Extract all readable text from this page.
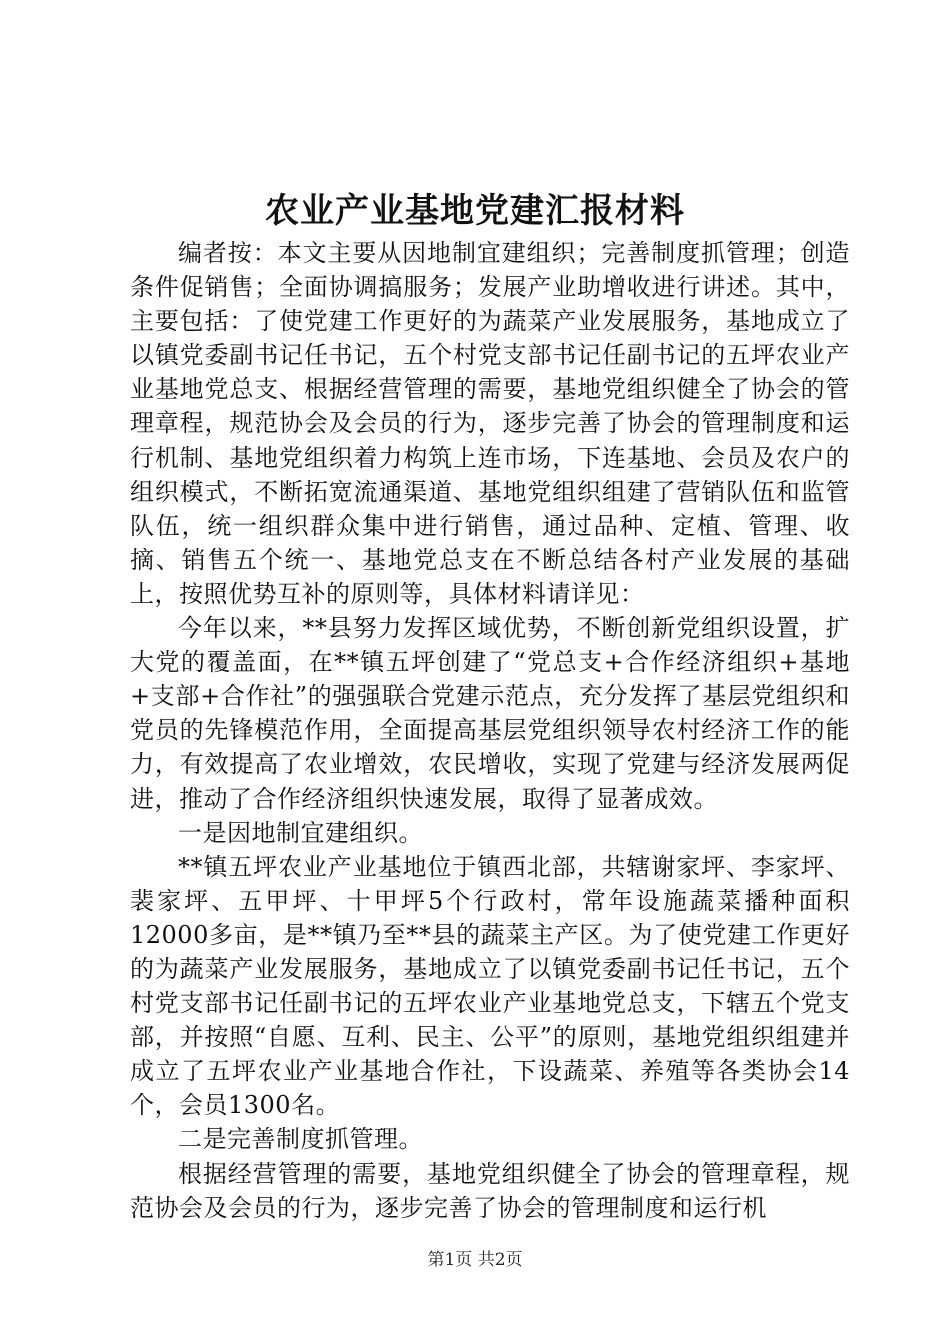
农业产业基地党建汇报材料

编者按：本文主要从因地制宜建组织；完善制度抓管理；创造条件促销售；全面协调搞服务；发展产业助增收进行讲述。其中，主要包括：了使党建工作更好的为蔬菜产业发展服务，基地成立了以镇党委副书记任书记，五个村党支部书记任副书记的五坪农业产业基地党总支、根据经营管理的需要，基地党组织健全了协会的管理章程，规范协会及会员的行为，逐步完善了协会的管理制度和运行机制、基地党组织着力构筑上连市场，下连基地、会员及农户的组织模式，不断拓宽流通渠道、基地党组织组建了营销队伍和监管队伍，统一组织群众集中进行销售，通过品种、定植、管理、收摘、销售五个统一、基地党总支在不断总结各村产业发展的基础上，按照优势互补的原则等，具体材料请详见：

今年以来，**县努力发挥区域优势，不断创新党组织设置，扩大党的覆盖面，在**镇五坪创建了“党总支+合作经济组织+基地+支部+合作社”的强强联合党建示范点，充分发挥了基层党组织和党员的先锋模范作用，全面提高基层党组织领导农村经济工作的能力，有效提高了农业增效，农民增收，实现了党建与经济发展两促进，推动了合作经济组织快速发展，取得了显著成效。

一是因地制宜建组织。

**镇五坪农业产业基地位于镇西北部，共辖谢家坪、李家坪、裴家坪、五甲坪、十甲坪5个行政村，常年设施蔬菜播种面积12000多亩，是**镇乃至**县的蔬菜主产区。为了使党建工作更好的为蔬菜产业发展服务，基地成立了以镇党委副书记任书记，五个村党支部书记任副书记的五坪农业产业基地党总支，下辖五个党支部，并按照“自愿、互利、民主、公平”的原则，基地党组织组建并成立了五坪农业产业基地合作社，下设蔬菜、养殖等各类协会14个，会员1300名。

二是完善制度抓管理。

根据经营管理的需要，基地党组织健全了协会的管理章程，规范协会及会员的行为，逐步完善了协会的管理制度和运行机

第1页 共2页
